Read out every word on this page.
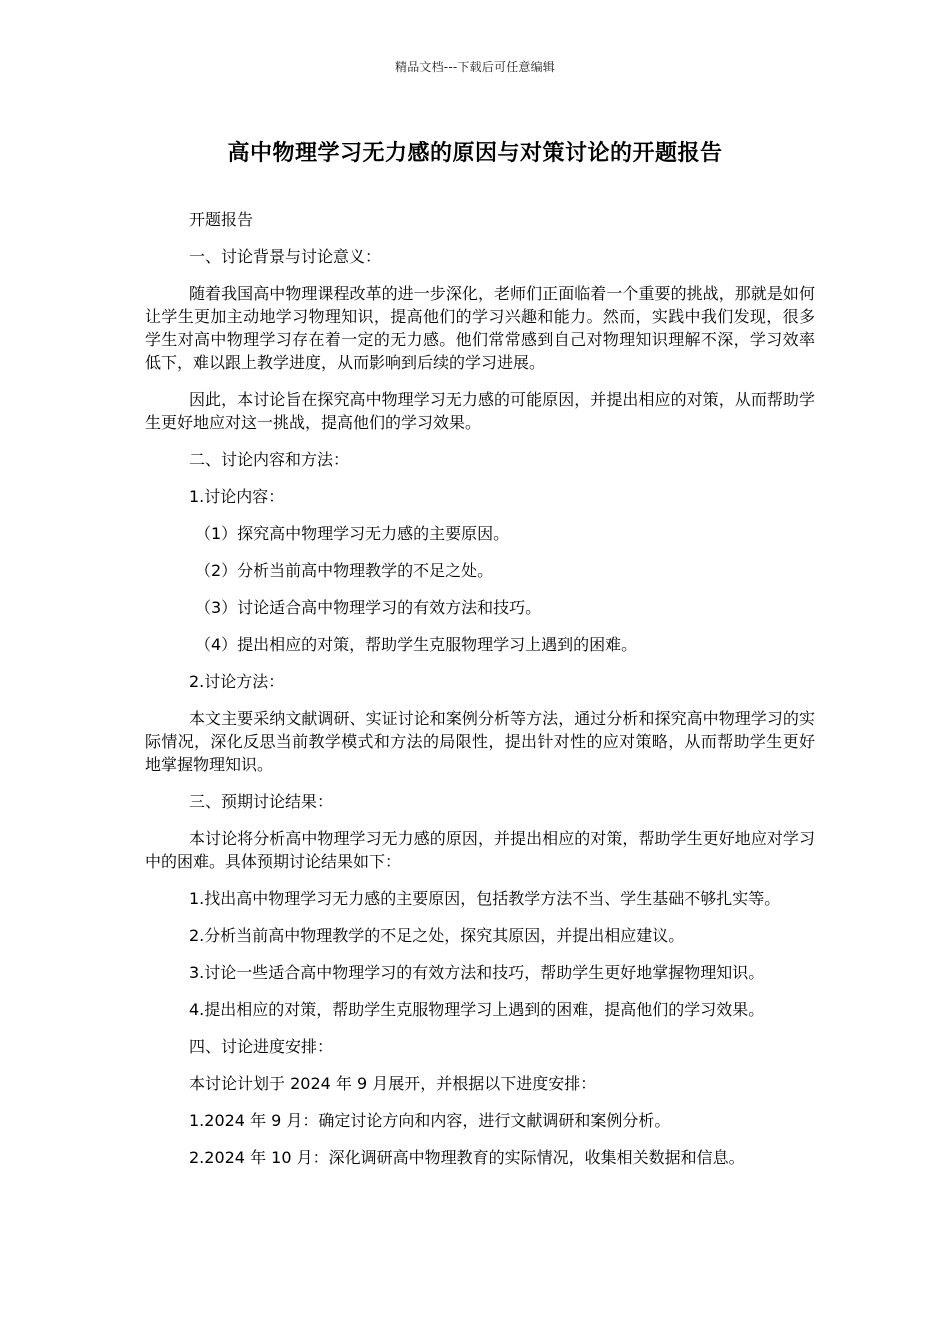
精品文档---下载后可任意编辑
高中物理学习无力感的原因与对策讨论的开题报告

开题报告

一、讨论背景与讨论意义：

随着我国高中物理课程改革的进一步深化，老师们正面临着一个重要的挑战，那就是如何让学生更加主动地学习物理知识，提高他们的学习兴趣和能力。然而，实践中我们发现，很多学生对高中物理学习存在着一定的无力感。他们常常感到自己对物理知识理解不深，学习效率低下，难以跟上教学进度，从而影响到后续的学习进展。

因此，本讨论旨在探究高中物理学习无力感的可能原因，并提出相应的对策，从而帮助学生更好地应对这一挑战，提高他们的学习效果。

二、讨论内容和方法：

1.讨论内容：

（1）探究高中物理学习无力感的主要原因。

（2）分析当前高中物理教学的不足之处。

（3）讨论适合高中物理学习的有效方法和技巧。

（4）提出相应的对策，帮助学生克服物理学习上遇到的困难。

2.讨论方法：

本文主要采纳文献调研、实证讨论和案例分析等方法，通过分析和探究高中物理学习的实际情况，深化反思当前教学模式和方法的局限性，提出针对性的应对策略，从而帮助学生更好地掌握物理知识。

三、预期讨论结果：

本讨论将分析高中物理学习无力感的原因，并提出相应的对策，帮助学生更好地应对学习中的困难。具体预期讨论结果如下：

1.找出高中物理学习无力感的主要原因，包括教学方法不当、学生基础不够扎实等。

2.分析当前高中物理教学的不足之处，探究其原因，并提出相应建议。

3.讨论一些适合高中物理学习的有效方法和技巧，帮助学生更好地掌握物理知识。

4.提出相应的对策，帮助学生克服物理学习上遇到的困难，提高他们的学习效果。

四、讨论进度安排：

本讨论计划于 2024 年 9 月展开，并根据以下进度安排：

1.2024 年 9 月：确定讨论方向和内容，进行文献调研和案例分析。

2.2024 年 10 月：深化调研高中物理教育的实际情况，收集相关数据和信息。
